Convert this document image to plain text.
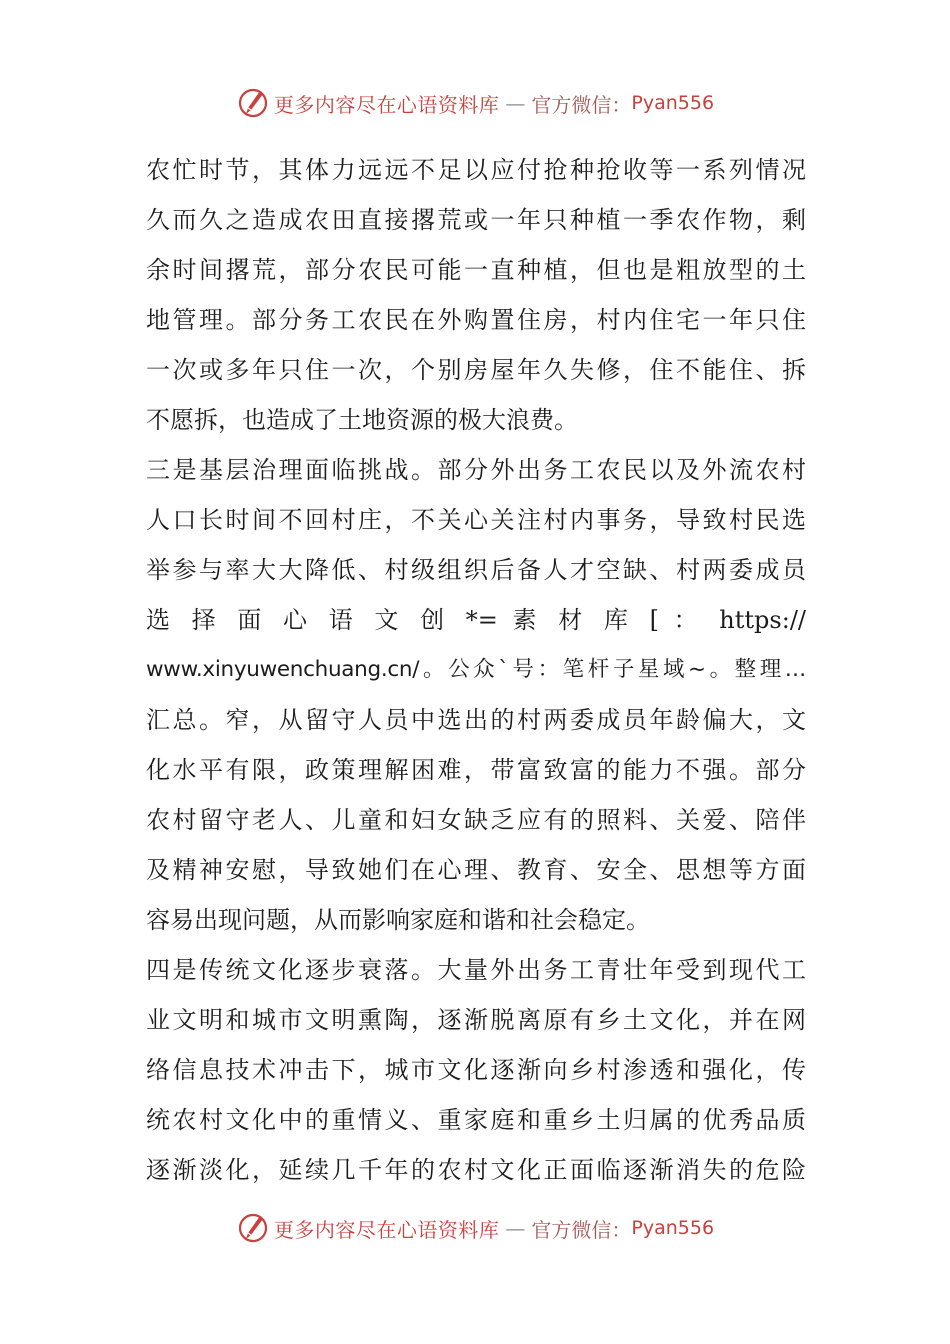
更多内容尽在心语资料库 — 官方微信： Pyan556
农忙时节，其体力远远不足以应付抢种抢收等一系列情况
久而久之造成农田直接撂荒或一年只种植一季农作物，剩
余时间撂荒，部分农民可能一直种植，但也是粗放型的土
地管理。部分务工农民在外购置住房，村内住宅一年只住
一次或多年只住一次，个别房屋年久失修，住不能住、拆
不愿拆，也造成了土地资源的极大浪费。
三是基层治理面临挑战。部分外出务工农民以及外流农村
人口长时间不回村庄，不关心关注村内事务，导致村民选
举参与率大大降低、村级组织后备人才空缺、村两委成员
选 择 面 心 语 文 创 *= 素 材 库 [ ： https://
www.xinyuwenchuang.cn/。公众`号：笔杆子星域~。整理…
汇总。窄，从留守人员中选出的村两委成员年龄偏大，文
化水平有限，政策理解困难，带富致富的能力不强。部分
农村留守老人、儿童和妇女缺乏应有的照料、关爱、陪伴
及精神安慰，导致她们在心理、教育、安全、思想等方面
容易出现问题，从而影响家庭和谐和社会稳定。
四是传统文化逐步衰落。大量外出务工青壮年受到现代工
业文明和城市文明熏陶，逐渐脱离原有乡土文化，并在网
络信息技术冲击下，城市文化逐渐向乡村渗透和强化，传
统农村文化中的重情义、重家庭和重乡土归属的优秀品质
逐渐淡化，延续几千年的农村文化正面临逐渐消失的危险
更多内容尽在心语资料库 — 官方微信： Pyan556
